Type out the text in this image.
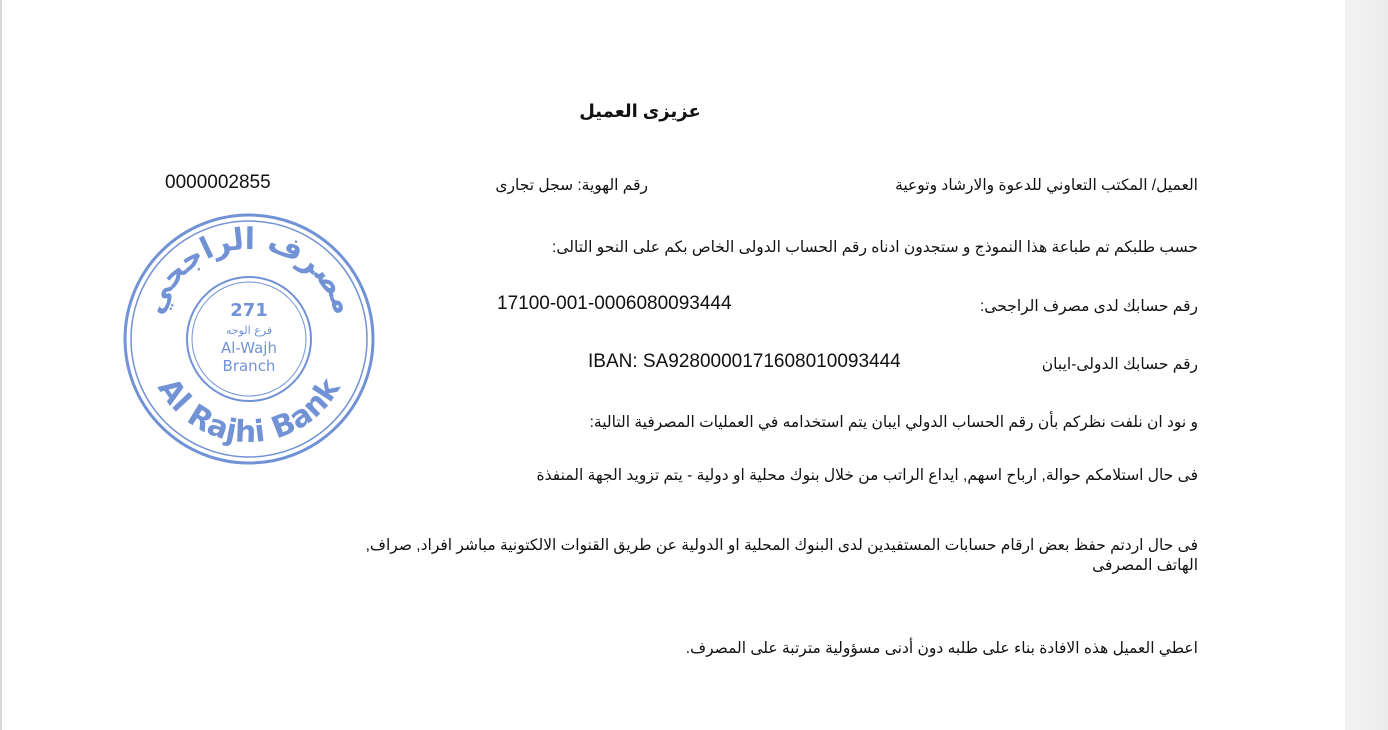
عزيزى العميل
العميل/ المكتب التعاوني للدعوة والارشاد وتوعية
رقم الهوية: سجل تجارى
0000002855
حسب طلبكم تم طباعة هذا النموذج و ستجدون ادناه رقم الحساب الدولى الخاص بكم على النحو التالى:
رقم حسابك لدى مصرف الراجحى:
17100-001-0006080093444
رقم حسابك الدولى-ايبان
IBAN: SA9280000171608010093444
و نود ان نلفت نظركم بأن رقم الحساب الدولي ايبان يتم استخدامه في العمليات المصرفية التالية:
فى حال استلامكم حوالة, ارباح اسهم, ايداع الراتب من خلال بنوك محلية او دولية - يتم تزويد الجهة المنفذة
فى حال اردتم حفظ بعض ارقام حسابات المستفيدين لدى البنوك المحلية او الدولية عن طريق القنوات الالكتونية مباشر افراد, صراف,
الهاتف المصرفى
اعطي العميل هذه الافادة بناء على طلبه دون أدنى مسؤولية مترتبة على المصرف.
مصرف الراجحي
Al Rajhi Bank
271
فرع الوجه
Al-Wajh
Branch
